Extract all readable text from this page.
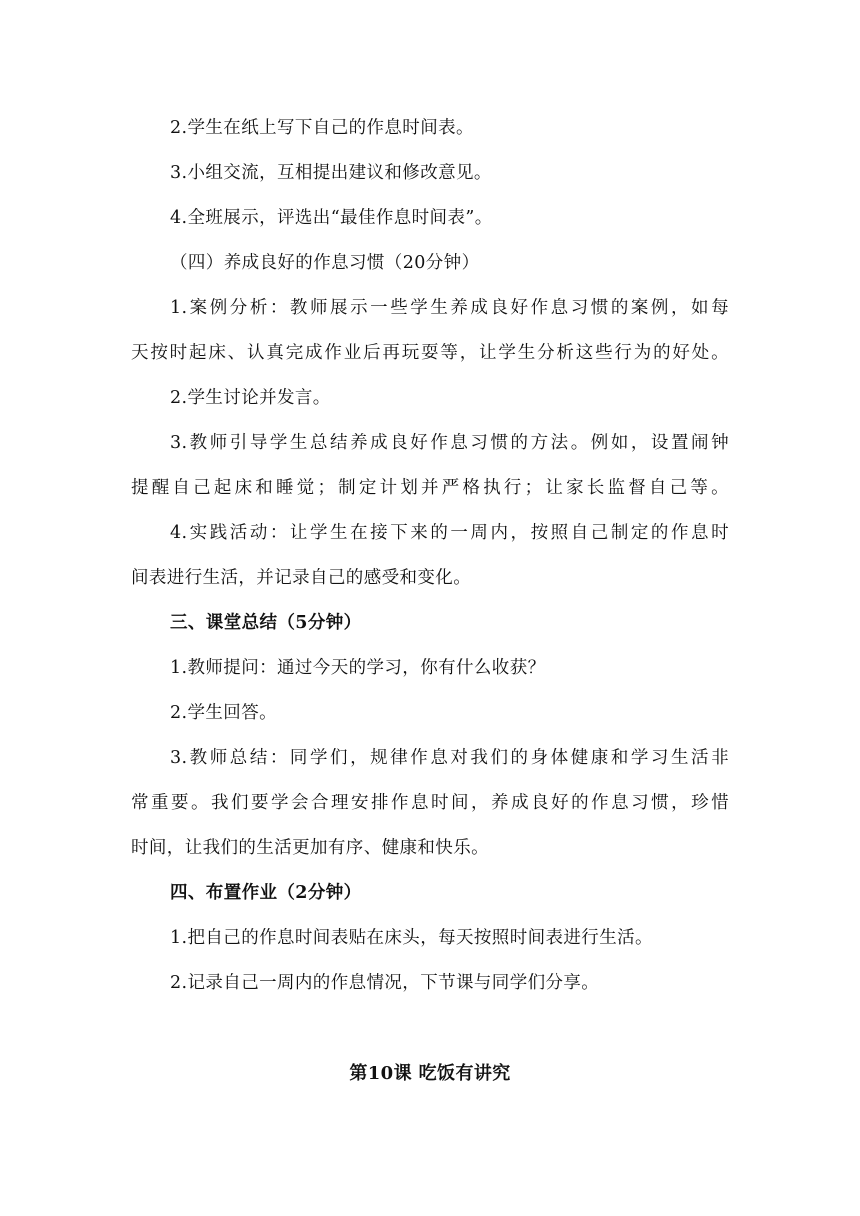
2.学生在纸上写下自己的作息时间表。
3.小组交流，互相提出建议和修改意见。
4.全班展示，评选出“最佳作息时间表”。
（四）养成良好的作息习惯（20分钟）
1.案例分析：教师展示一些学生养成良好作息习惯的案例，如每
天按时起床、认真完成作业后再玩耍等，让学生分析这些行为的好处。
2.学生讨论并发言。
3.教师引导学生总结养成良好作息习惯的方法。例如，设置闹钟
提醒自己起床和睡觉；制定计划并严格执行；让家长监督自己等。
4.实践活动：让学生在接下来的一周内，按照自己制定的作息时
间表进行生活，并记录自己的感受和变化。
三、课堂总结（5分钟）
1.教师提问：通过今天的学习，你有什么收获？
2.学生回答。
3.教师总结：同学们，规律作息对我们的身体健康和学习生活非
常重要。我们要学会合理安排作息时间，养成良好的作息习惯，珍惜
时间，让我们的生活更加有序、健康和快乐。
四、布置作业（2分钟）
1.把自己的作息时间表贴在床头，每天按照时间表进行生活。
2.记录自己一周内的作息情况，下节课与同学们分享。
第10课 吃饭有讲究
